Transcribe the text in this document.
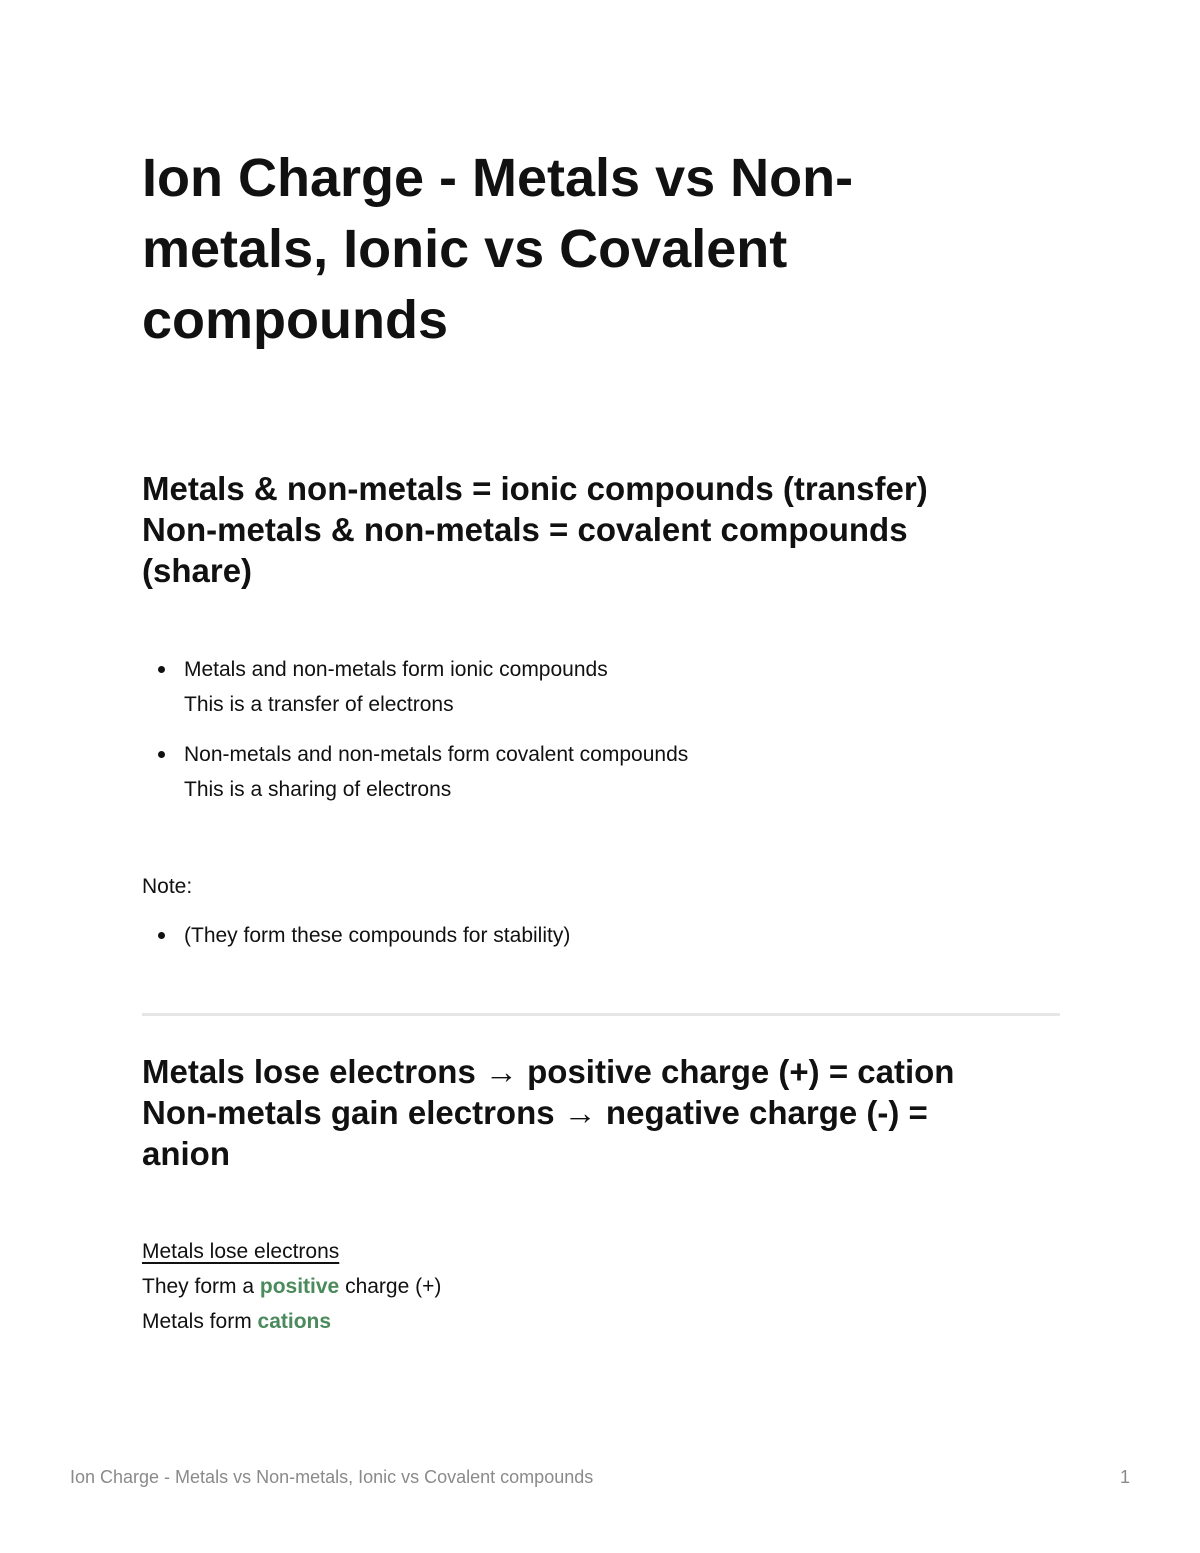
Ion Charge - Metals vs Non-
metals, Ionic vs Covalent
compounds
Metals & non-metals = ionic compounds (transfer)
Non-metals & non-metals = covalent compounds
(share)
Metals and non-metals form ionic compounds
This is a transfer of electrons
Non-metals and non-metals form covalent compounds
This is a sharing of electrons

Note:

(They form these compounds for stability)
Metals lose electrons → positive charge (+) = cation
Non-metals gain electrons → negative charge (-) =
anion

Metals lose electrons

They form a positive charge (+)

Metals form cations

Ion Charge - Metals vs Non-metals, Ionic vs Covalent compounds	1
